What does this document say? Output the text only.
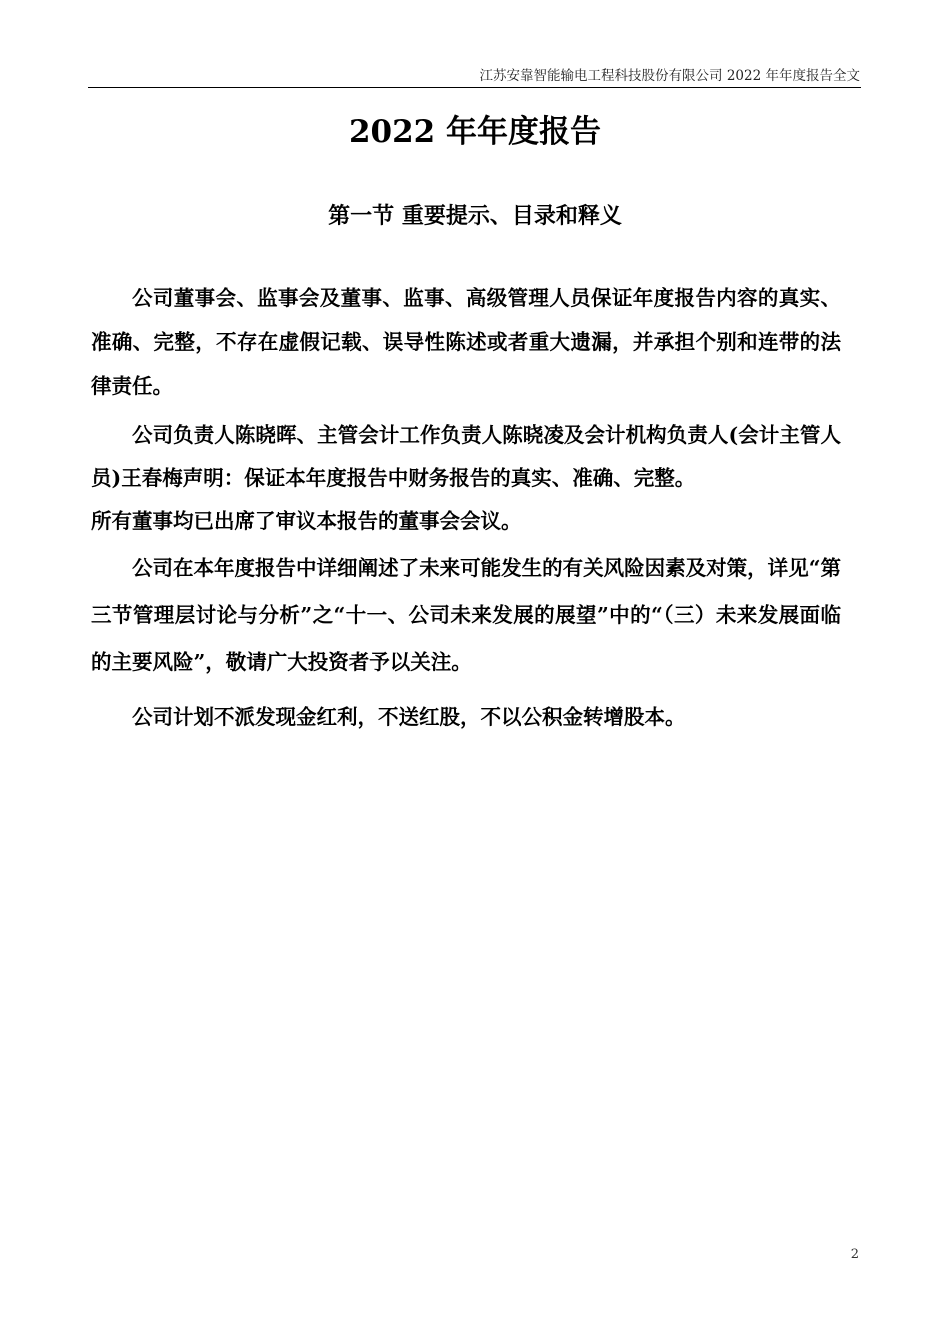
江苏安靠智能输电工程科技股份有限公司 2022 年年度报告全文
2022 年年度报告
第一节 重要提示、目录和释义

公司董事会、监事会及董事、监事、高级管理人员保证年度报告内容的真实、准确、完整，不存在虚假记载、误导性陈述或者重大遗漏，并承担个别和连带的法律责任。

公司负责人陈晓晖、主管会计工作负责人陈晓凌及会计机构负责人(会计主管人员)王春梅声明：保证本年度报告中财务报告的真实、准确、完整。
所有董事均已出席了审议本报告的董事会会议。

公司在本年度报告中详细阐述了未来可能发生的有关风险因素及对策，详见“第三节管理层讨论与分析”之“十一、公司未来发展的展望”中的“（三）未来发展面临的主要风险”，敬请广大投资者予以关注。

公司计划不派发现金红利，不送红股，不以公积金转增股本。

2
